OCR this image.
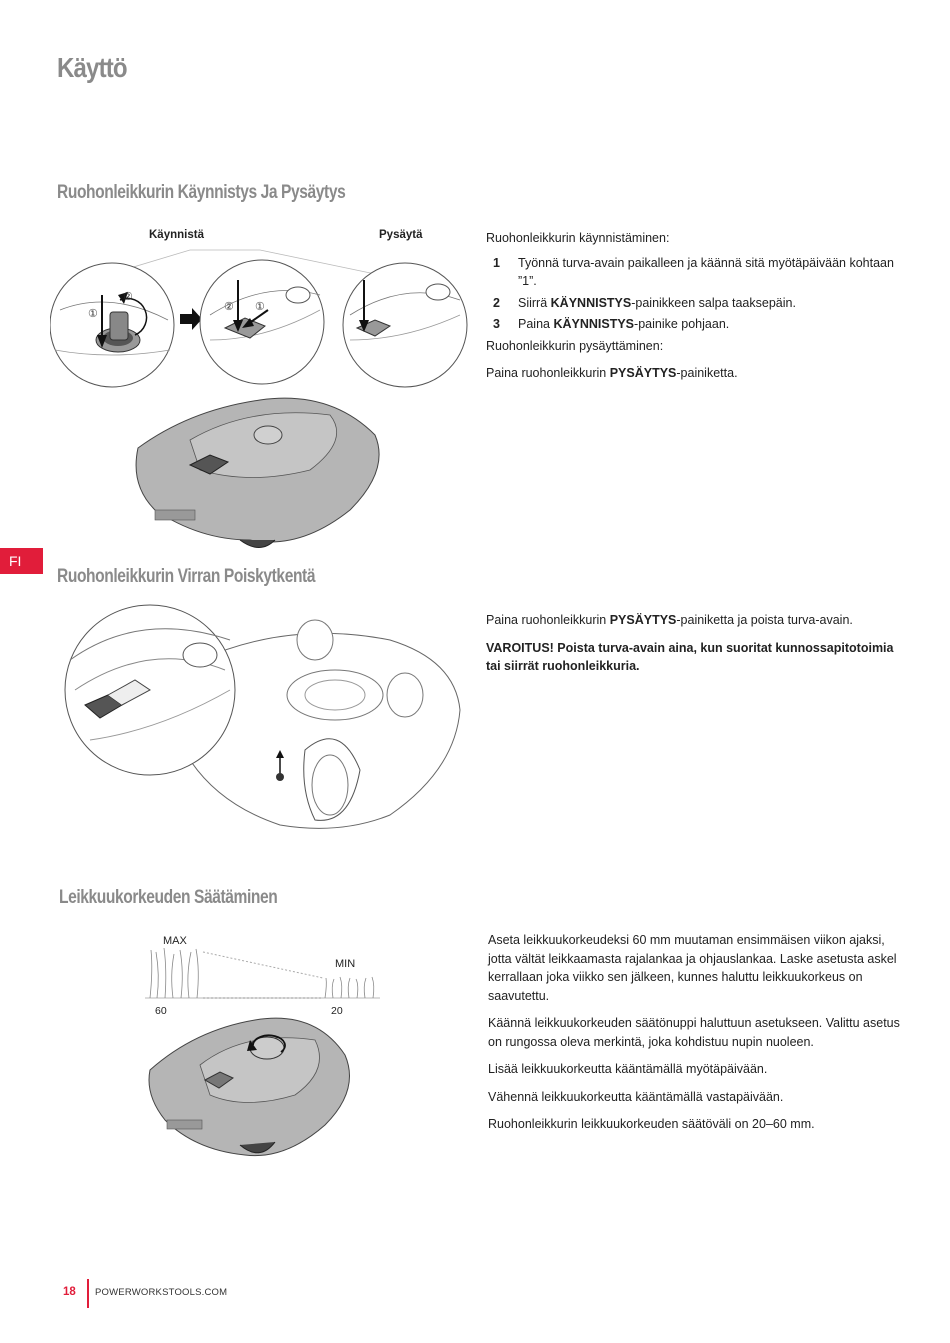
Käyttö
FI
Ruohonleikkurin Käynnistys Ja Pysäytys
Käynnistä	Pysäytä
①
②
② ①

Ruohonleikkurin käynnistäminen:

1	Työnnä turva-avain paikalleen ja käännä sitä myötäpäivään kohtaan ”1”.
2	Siirrä KÄYNNISTYS-painikkeen salpa taaksepäin.
3	Paina KÄYNNISTYS-painike pohjaan.

Ruohonleikkurin pysäyttäminen:

Paina ruohonleikkurin PYSÄYTYS-painiketta.

Ruohonleikkurin Virran Poiskytkentä

Paina ruohonleikkurin PYSÄYTYS-painiketta ja poista turva-avain.

VAROITUS! Poista turva-avain aina, kun suoritat kunnossapitotoimia tai siirrät ruohonleikkuria.

Leikkuukorkeuden Säätäminen
MAX
MIN
60	20

Aseta leikkuukorkeudeksi 60 mm muutaman ensimmäisen viikon ajaksi, jotta vältät leikkaamasta rajalankaa ja ohjauslankaa. Laske asetusta askel kerrallaan joka viikko sen jälkeen, kunnes haluttu leikkuukorkeus on saavutettu.

Käännä leikkuukorkeuden säätönuppi haluttuun asetukseen. Valittu asetus on rungossa oleva merkintä, joka kohdistuu nupin nuoleen.

Lisää leikkuukorkeutta kääntämällä myötäpäivään.

Vähennä leikkuukorkeutta kääntämällä vastapäivään.

Ruohonleikkurin leikkuukorkeuden säätöväli on 20–60 mm.

18 POWERWORKSTOOLS.COM
